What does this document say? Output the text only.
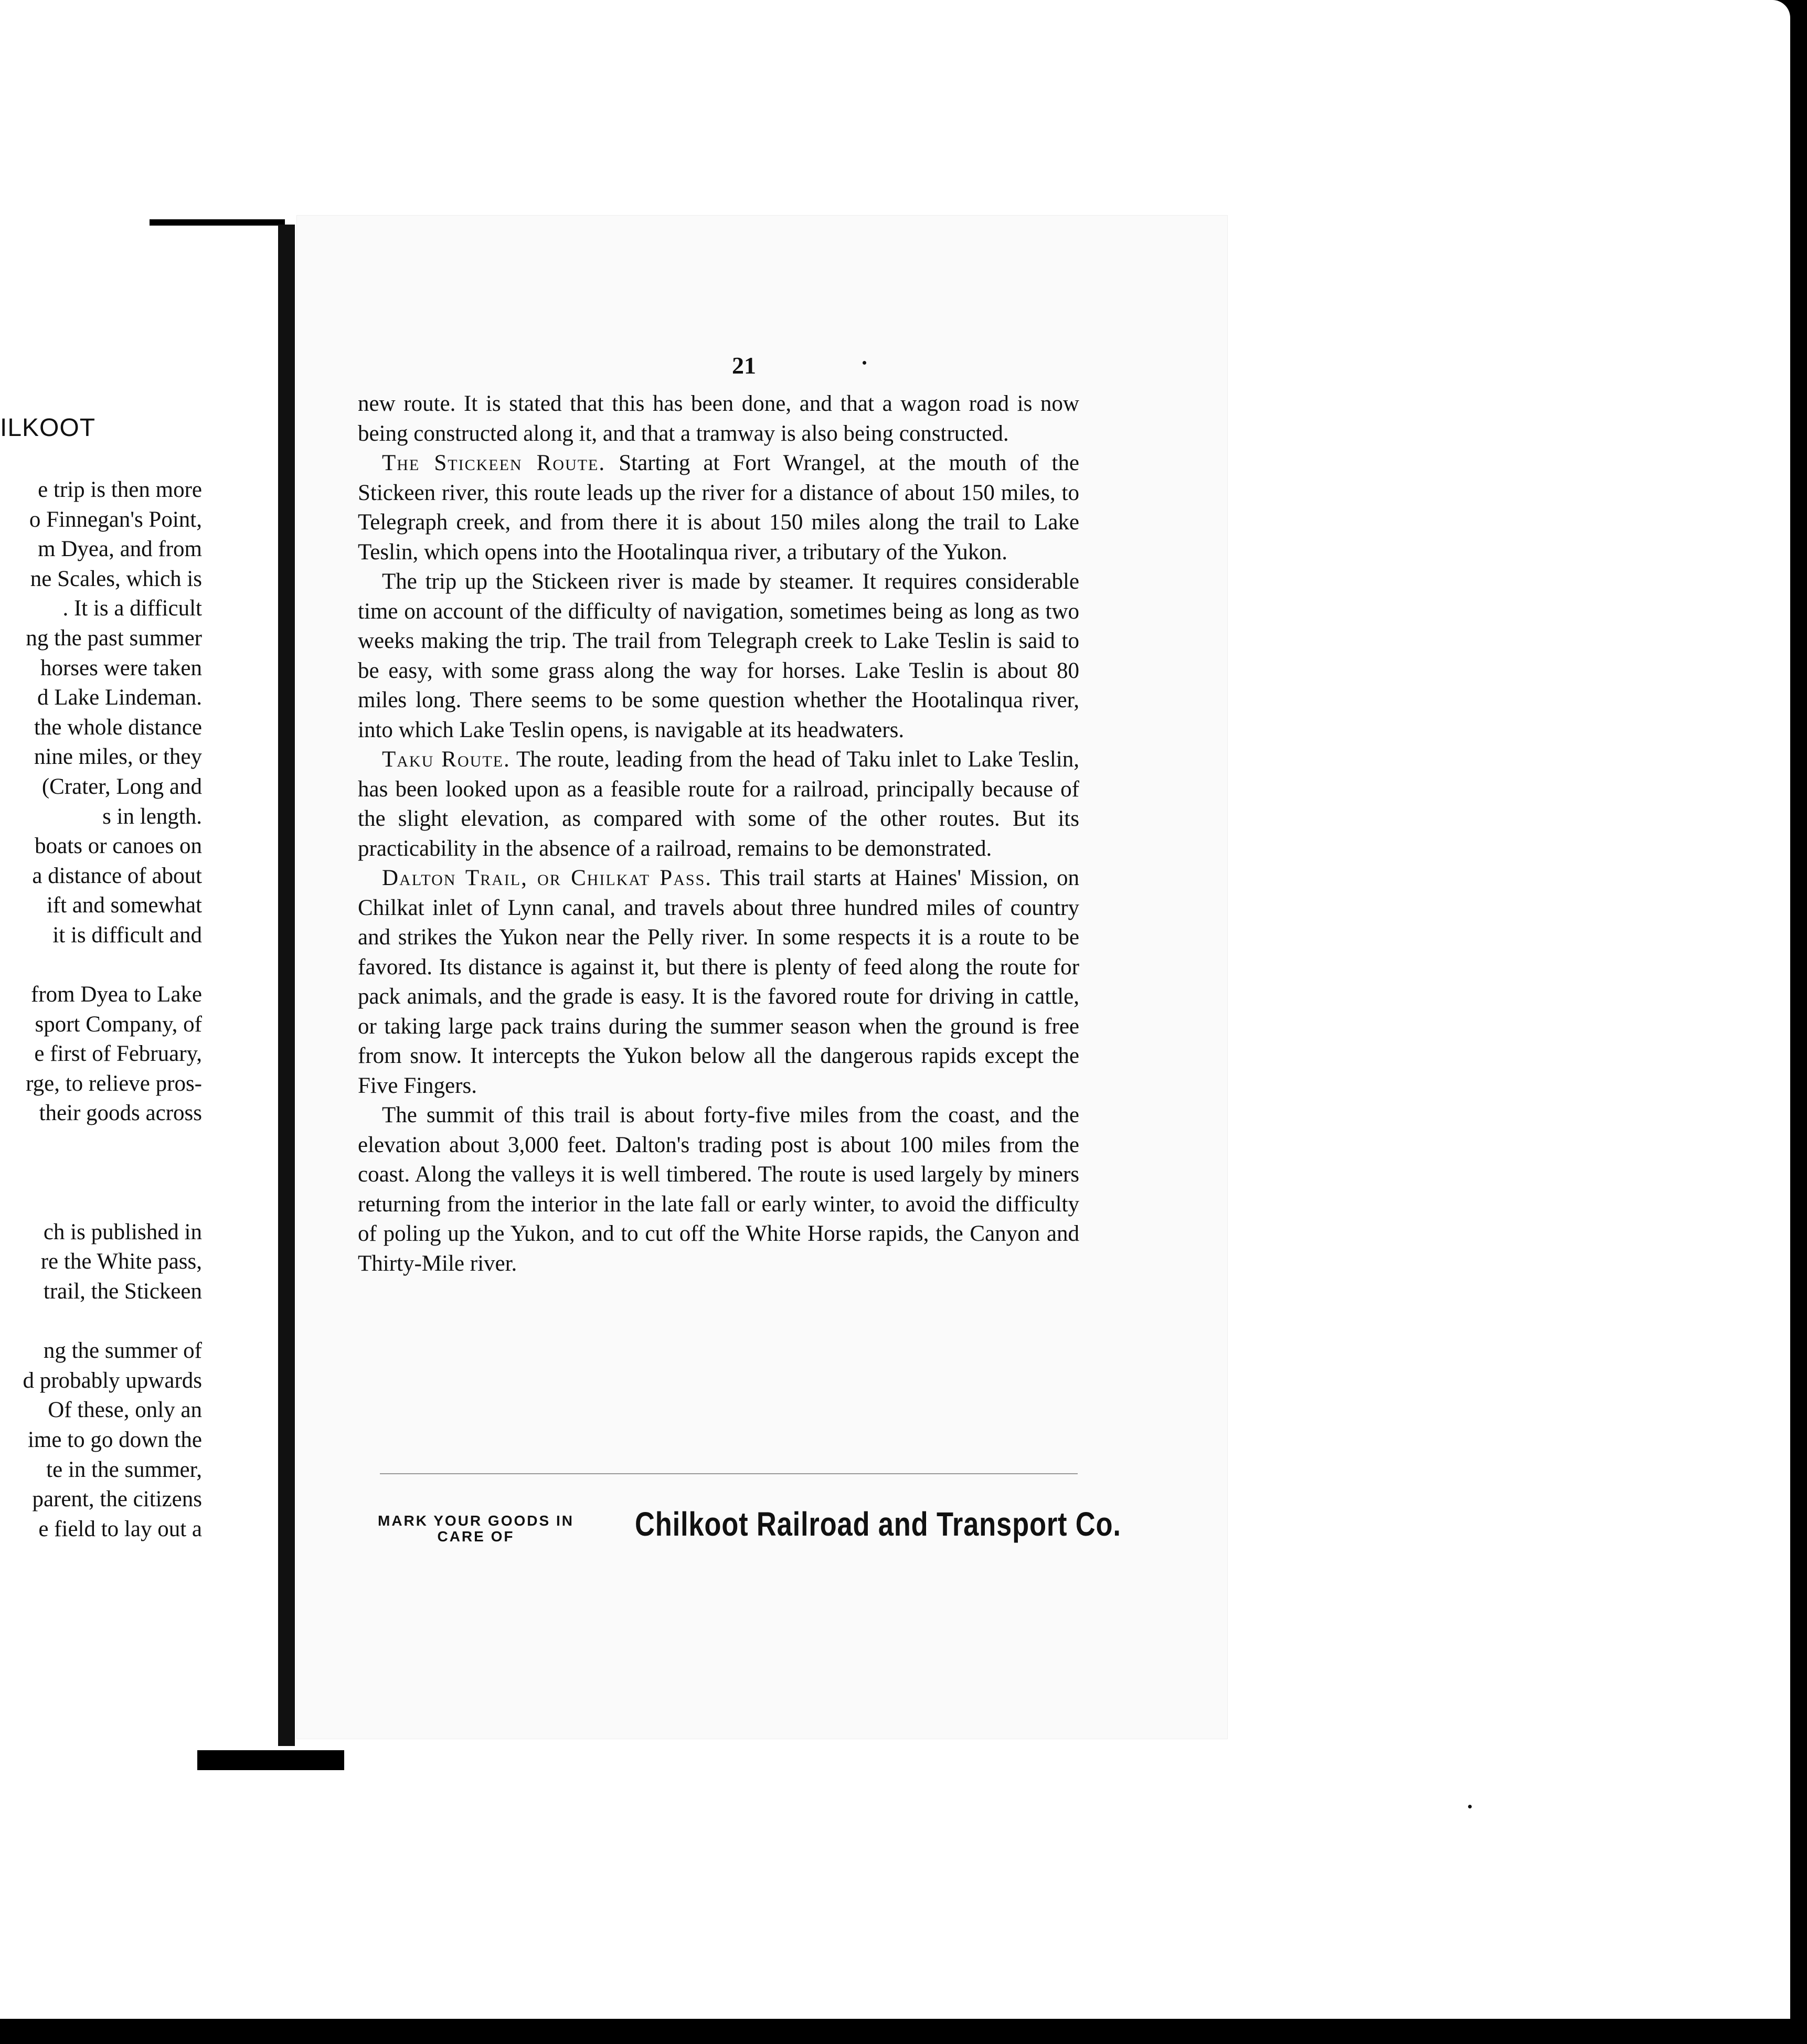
ILKOOT
e trip is then more
o Finnegan's Point,
m Dyea, and from
ne Scales, which is
. It is a difficult
ng the past summer
horses were taken
d Lake Lindeman.
the whole distance
nine miles, or they
(Crater, Long and
s in length.
boats or canoes on
a distance of about
ift and somewhat
it is difficult and

from Dyea to Lake
sport Company, of
e first of February,
rge, to relieve pros-
their goods across

ch is published in
re the White pass,
trail, the Stickeen

ng the summer of
d probably upwards
Of these, only an
ime to go down the
te in the summer,
parent, the citizens
e field to lay out a
21

new route. It is stated that this has been done, and that a wagon road is now being constructed along it, and that a tramway is also being constructed.

The Stickeen Route. Starting at Fort Wrangel, at the mouth of the Stickeen river, this route leads up the river for a distance of about 150 miles, to Telegraph creek, and from there it is about 150 miles along the trail to Lake Teslin, which opens into the Hootalinqua river, a tributary of the Yukon.

The trip up the Stickeen river is made by steamer. It requires considerable time on account of the difficulty of navigation, sometimes being as long as two weeks making the trip. The trail from Telegraph creek to Lake Teslin is said to be easy, with some grass along the way for horses. Lake Teslin is about 80 miles long. There seems to be some question whether the Hootalinqua river, into which Lake Teslin opens, is navigable at its headwaters.

Taku Route. The route, leading from the head of Taku inlet to Lake Teslin, has been looked upon as a feasible route for a railroad, principally because of the slight elevation, as compared with some of the other routes. But its practicability in the absence of a railroad, remains to be demonstrated.

Dalton Trail, or Chilkat Pass. This trail starts at Haines' Mission, on Chilkat inlet of Lynn canal, and travels about three hundred miles of country and strikes the Yukon near the Pelly river. In some respects it is a route to be favored. Its distance is against it, but there is plenty of feed along the route for pack animals, and the grade is easy. It is the favored route for driving in cattle, or taking large pack trains during the summer season when the ground is free from snow. It intercepts the Yukon below all the dangerous rapids except the Five Fingers.

The summit of this trail is about forty-five miles from the coast, and the elevation about 3,000 feet. Dalton's trading post is about 100 miles from the coast. Along the valleys it is well timbered. The route is used largely by miners returning from the interior in the late fall or early winter, to avoid the difficulty of poling up the Yukon, and to cut off the White Horse rapids, the Canyon and Thirty-Mile river.

MARK YOUR GOODS IN
CARE OF	Chilkoot Railroad and Transport Co.
